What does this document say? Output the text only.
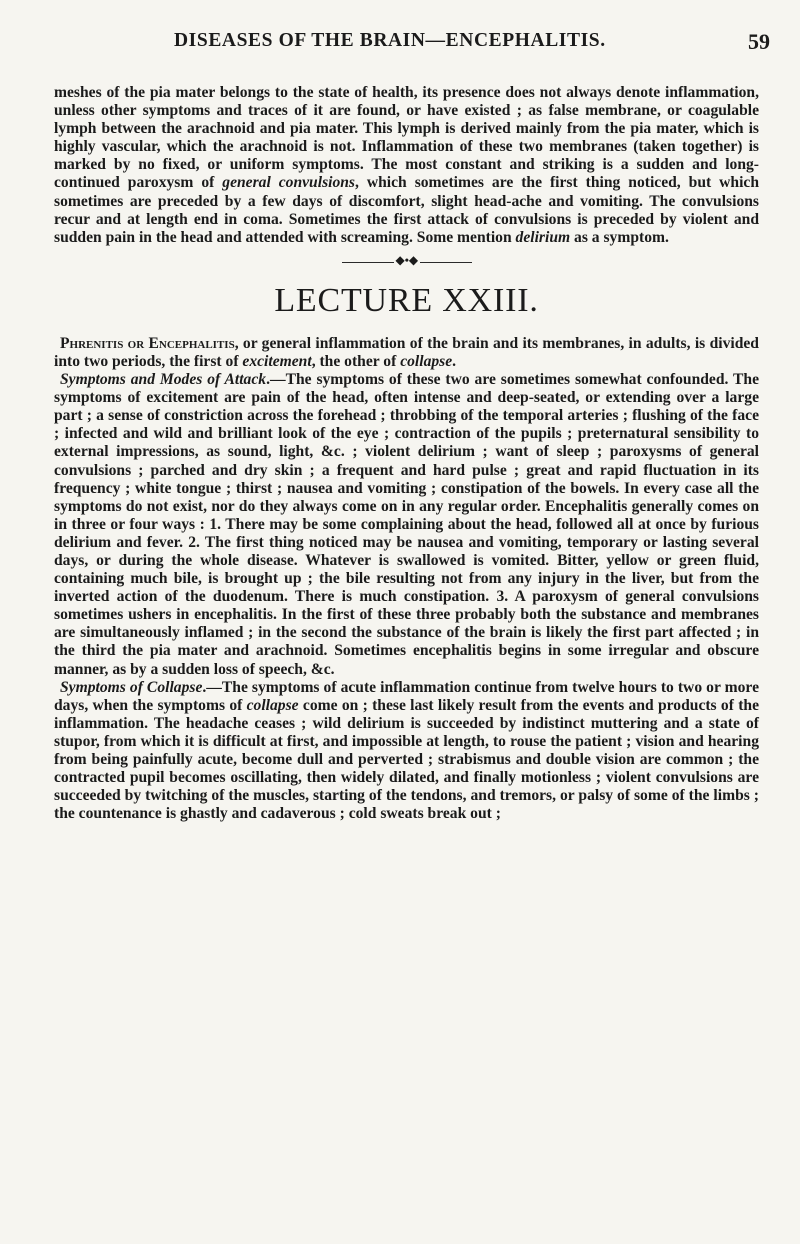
DISEASES OF THE BRAIN—ENCEPHALITIS.	59

meshes of the pia mater belongs to the state of health, its presence does not always denote inflammation, unless other symptoms and traces of it are found, or have existed ; as false membrane, or coagulable lymph between the arachnoid and pia mater. This lymph is derived mainly from the pia mater, which is highly vascular, which the arachnoid is not. Inflammation of these two membranes (taken together) is marked by no fixed, or uniform symptoms. The most constant and striking is a sudden and long-continued paroxysm of general convulsions, which sometimes are the first thing noticed, but which sometimes are preceded by a few days of discomfort, slight head-ache and vomiting. The convulsions recur and at length end in coma. Sometimes the first attack of convulsions is preceded by violent and sudden pain in the head and attended with screaming. Some mention delirium as a symptom.

◆•◆
LECTURE XXIII.

Phrenitis or Encephalitis, or general inflammation of the brain and its membranes, in adults, is divided into two periods, the first of excitement, the other of collapse.

Symptoms and Modes of Attack.—The symptoms of these two are sometimes somewhat confounded. The symptoms of excitement are pain of the head, often intense and deep-seated, or extending over a large part ; a sense of constriction across the forehead ; throbbing of the temporal arteries ; flushing of the face ; infected and wild and brilliant look of the eye ; contraction of the pupils ; preternatural sensibility to external impressions, as sound, light, &c. ; violent delirium ; want of sleep ; paroxysms of general convulsions ; parched and dry skin ; a frequent and hard pulse ; great and rapid fluctuation in its frequency ; white tongue ; thirst ; nausea and vomiting ; constipation of the bowels. In every case all the symptoms do not exist, nor do they always come on in any regular order. Encephalitis generally comes on in three or four ways : 1. There may be some complaining about the head, followed all at once by furious delirium and fever. 2. The first thing noticed may be nausea and vomiting, temporary or lasting several days, or during the whole disease. Whatever is swallowed is vomited. Bitter, yellow or green fluid, containing much bile, is brought up ; the bile resulting not from any injury in the liver, but from the inverted action of the duodenum. There is much constipation. 3. A paroxysm of general convulsions sometimes ushers in encephalitis. In the first of these three probably both the substance and membranes are simultaneously inflamed ; in the second the substance of the brain is likely the first part affected ; in the third the pia mater and arachnoid. Sometimes encephalitis begins in some irregular and obscure manner, as by a sudden loss of speech, &c.

Symptoms of Collapse.—The symptoms of acute inflammation continue from twelve hours to two or more days, when the symptoms of collapse come on ; these last likely result from the events and products of the inflammation. The headache ceases ; wild delirium is succeeded by indistinct muttering and a state of stupor, from which it is difficult at first, and impossible at length, to rouse the patient ; vision and hearing from being painfully acute, become dull and perverted ; strabismus and double vision are common ; the contracted pupil becomes oscillating, then widely dilated, and finally motionless ; violent convulsions are succeeded by twitching of the muscles, starting of the tendons, and tremors, or palsy of some of the limbs ; the countenance is ghastly and cadaverous ; cold sweats break out ;
